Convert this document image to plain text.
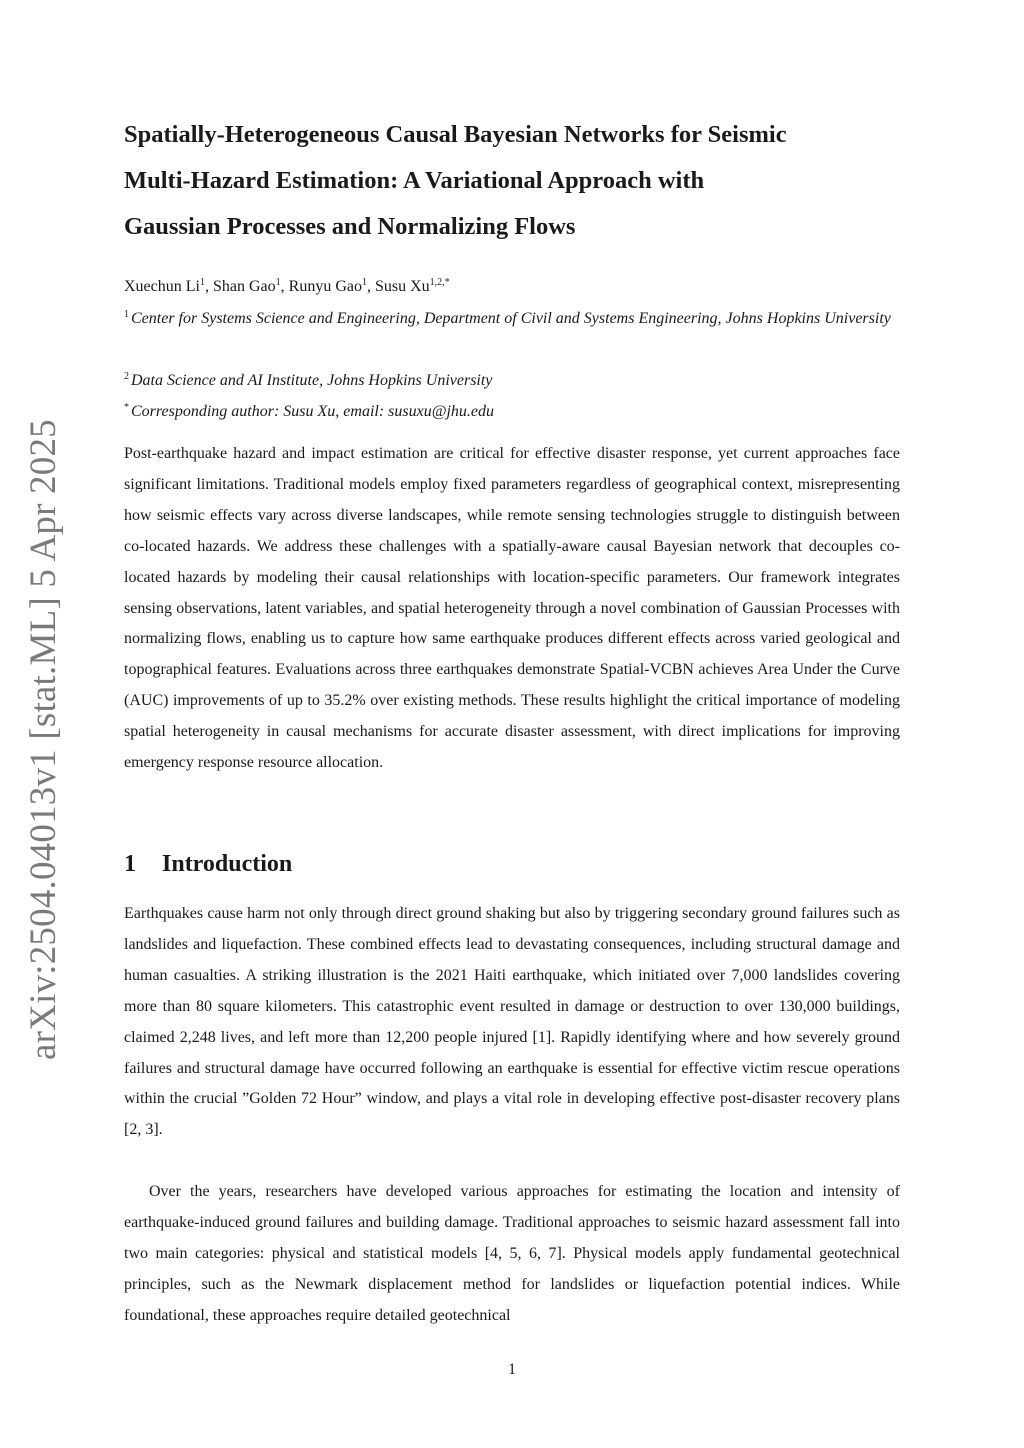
arXiv:2504.04013v1 [stat.ML] 5 Apr 2025
Spatially-Heterogeneous Causal Bayesian Networks for Seismic
Multi-Hazard Estimation: A Variational Approach with
Gaussian Processes and Normalizing Flows
Xuechun Li$^1$, Shan Gao$^1$, Runyu Gao$^1$, Susu $Xu^{1,2,*}$
$^1$ Center for Systems Science and Engineering, Department of Civil and Systems Engineering, Johns Hopkins University
$^2$ Data Science and AI Institute, Johns Hopkins University
* Corresponding author: Susu Xu, email: susuxu@jhu.edu

Post-earthquake hazard and impact estimation are critical for effective disaster response, yet current approaches face significant limitations. Traditional models employ fixed parameters regardless of geographical context, misrepresenting how seismic effects vary across diverse landscapes, while remote sensing technologies struggle to distinguish between co-located hazards. We address these challenges with a spatially-aware causal Bayesian network that decouples co-located hazards by modeling their causal relationships with location-specific parameters. Our framework integrates sensing observations, latent variables, and spatial heterogeneity through a novel combination of Gaussian Processes with normalizing flows, enabling us to capture how same earthquake produces different effects across varied geological and topographical features. Evaluations across three earthquakes demonstrate Spatial-VCBN achieves Area Under the Curve (AUC) improvements of up to 35.2% over existing methods. These results highlight the critical importance of modeling spatial heterogeneity in causal mechanisms for accurate disaster assessment, with direct implications for improving emergency response resource allocation.

1 Introduction

Earthquakes cause harm not only through direct ground shaking but also by triggering secondary ground failures such as landslides and liquefaction. These combined effects lead to devastating consequences, including structural damage and human casualties. A striking illustration is the 2021 Haiti earthquake, which initiated over 7,000 landslides covering more than 80 square kilometers. This catastrophic event resulted in damage or destruction to over 130,000 buildings, claimed 2,248 lives, and left more than 12,200 people injured [1]. Rapidly identifying where and how severely ground failures and structural damage have occurred following an earthquake is essential for effective victim rescue operations within the crucial ”Golden 72 Hour” window, and plays a vital role in developing effective post-disaster recovery plans [2, 3].

Over the years, researchers have developed various approaches for estimating the location and intensity of earthquake-induced ground failures and building damage. Traditional approaches to seismic hazard assessment fall into two main categories: physical and statistical models [4, 5, 6, 7]. Physical models apply fundamental geotechnical principles, such as the Newmark displacement method for landslides or liquefaction potential indices. While foundational, these approaches require detailed geotechnical

1
